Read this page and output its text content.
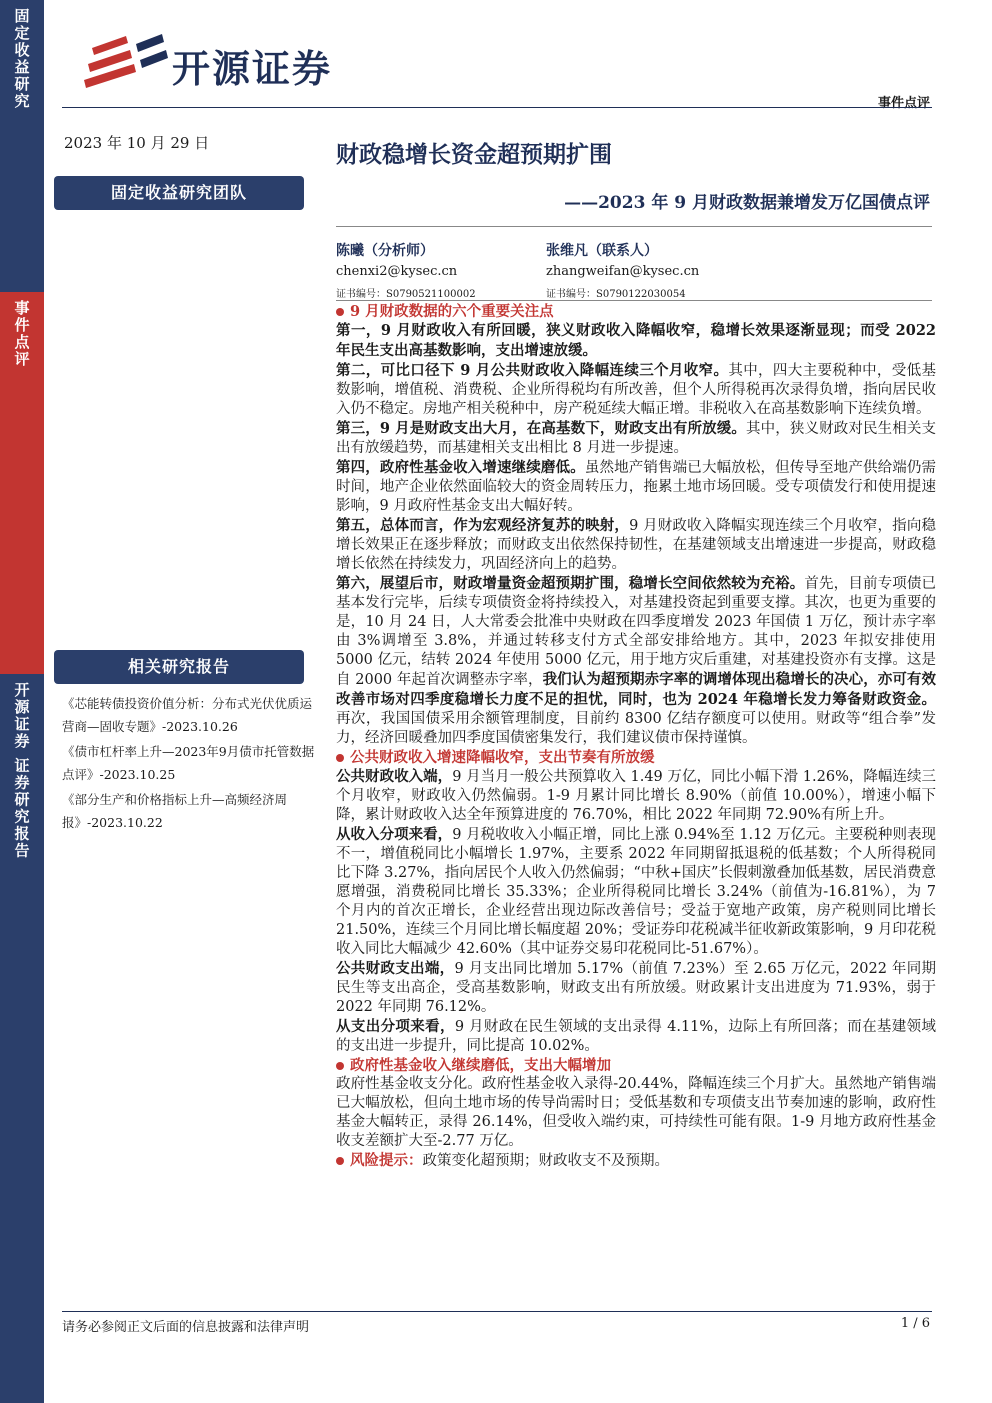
固定收益研究
事件点评
开源证券 证券研究报告
开源证券
事件点评
2023 年 10 月 29 日	财政稳增长资金超预期扩围
——2023 年 9 月财政数据兼增发万亿国债点评
固定收益研究团队
陈曦（分析师）
chenxi2@kysec.cn
证书编号：S0790521100002
张维凡（联系人）
zhangweifan@kysec.cn
证书编号：S0790122030054
相关研究报告
《芯能转债投资价值分析：分布式光伏优质运营商—固收专题》-2023.10.26
《债市杠杆率上升—2023年9月债市托管数据点评》-2023.10.25
《部分生产和价格指标上升—高频经济周报》-2023.10.22

9 月财政数据的六个重要关注点

第一，9 月财政收入有所回暖，狭义财政收入降幅收窄，稳增长效果逐渐显现；而受 2022 年民生支出高基数影响，支出增速放缓。

第二，可比口径下 9 月公共财政收入降幅连续三个月收窄。其中，四大主要税种中，受低基数影响，增值税、消费税、企业所得税均有所改善，但个人所得税再次录得负增，指向居民收入仍不稳定。房地产相关税种中，房产税延续大幅正增。非税收入在高基数影响下连续负增。

第三，9 月是财政支出大月，在高基数下，财政支出有所放缓。其中，狭义财政对民生相关支出有放缓趋势，而基建相关支出相比 8 月进一步提速。

第四，政府性基金收入增速继续磨低。虽然地产销售端已大幅放松，但传导至地产供给端仍需时间，地产企业依然面临较大的资金周转压力，拖累土地市场回暖。受专项债发行和使用提速影响，9 月政府性基金支出大幅好转。

第五，总体而言，作为宏观经济复苏的映射，9 月财政收入降幅实现连续三个月收窄，指向稳增长效果正在逐步释放；而财政支出依然保持韧性，在基建领域支出增速进一步提高，财政稳增长依然在持续发力，巩固经济向上的趋势。

第六，展望后市，财政增量资金超预期扩围，稳增长空间依然较为充裕。首先，目前专项债已基本发行完毕，后续专项债资金将持续投入，对基建投资起到重要支撑。其次，也更为重要的是，10 月 24 日，人大常委会批准中央财政在四季度增发 2023 年国债 1 万亿，预计赤字率由 3%调增至 3.8%，并通过转移支付方式全部安排给地方。其中，2023 年拟安排使用 5000 亿元，结转 2024 年使用 5000 亿元，用于地方灾后重建，对基建投资亦有支撑。这是自 2000 年起首次调整赤字率，我们认为超预期赤字率的调增体现出稳增长的决心，亦可有效改善市场对四季度稳增长力度不足的担忧，同时，也为 2024 年稳增长发力筹备财政资金。再次，我国国债采用余额管理制度，目前约 8300 亿结存额度可以使用。财政等“组合拳”发力，经济回暖叠加四季度国债密集发行，我们建议债市保持谨慎。

公共财政收入增速降幅收窄，支出节奏有所放缓

公共财政收入端，9 月当月一般公共预算收入 1.49 万亿，同比小幅下滑 1.26%，降幅连续三个月收窄，财政收入仍然偏弱。1-9 月累计同比增长 8.90%（前值 10.00%），增速小幅下降，累计财政收入达全年预算进度的 76.70%，相比 2022 年同期 72.90%有所上升。

从收入分项来看，9 月税收收入小幅正增，同比上涨 0.94%至 1.12 万亿元。主要税种则表现不一，增值税同比小幅增长 1.97%，主要系 2022 年同期留抵退税的低基数；个人所得税同比下降 3.27%，指向居民个人收入仍然偏弱；“中秋+国庆”长假刺激叠加低基数，居民消费意愿增强，消费税同比增长 35.33%；企业所得税同比增长 3.24%（前值为-16.81%），为 7 个月内的首次正增长，企业经营出现边际改善信号；受益于宽地产政策，房产税则同比增长 21.50%，连续三个月同比增长幅度超 20%；受证券印花税减半征收新政策影响，9 月印花税收入同比大幅减少 42.60%（其中证券交易印花税同比-51.67%）。

公共财政支出端，9 月支出同比增加 5.17%（前值 7.23%）至 2.65 万亿元，2022 年同期民生等支出高企，受高基数影响，财政支出有所放缓。财政累计支出进度为 71.93%，弱于 2022 年同期 76.12%。

从支出分项来看，9 月财政在民生领域的支出录得 4.11%，边际上有所回落；而在基建领域的支出进一步提升，同比提高 10.02%。

政府性基金收入继续磨低，支出大幅增加

政府性基金收支分化。政府性基金收入录得-20.44%，降幅连续三个月扩大。虽然地产销售端已大幅放松，但向土地市场的传导尚需时日；受低基数和专项债支出节奏加速的影响，政府性基金大幅转正，录得 26.14%，但受收入端约束，可持续性可能有限。1-9 月地方政府性基金收支差额扩大至-2.77 万亿。

风险提示：政策变化超预期；财政收支不及预期。

请务必参阅正文后面的信息披露和法律声明	1 / 6
